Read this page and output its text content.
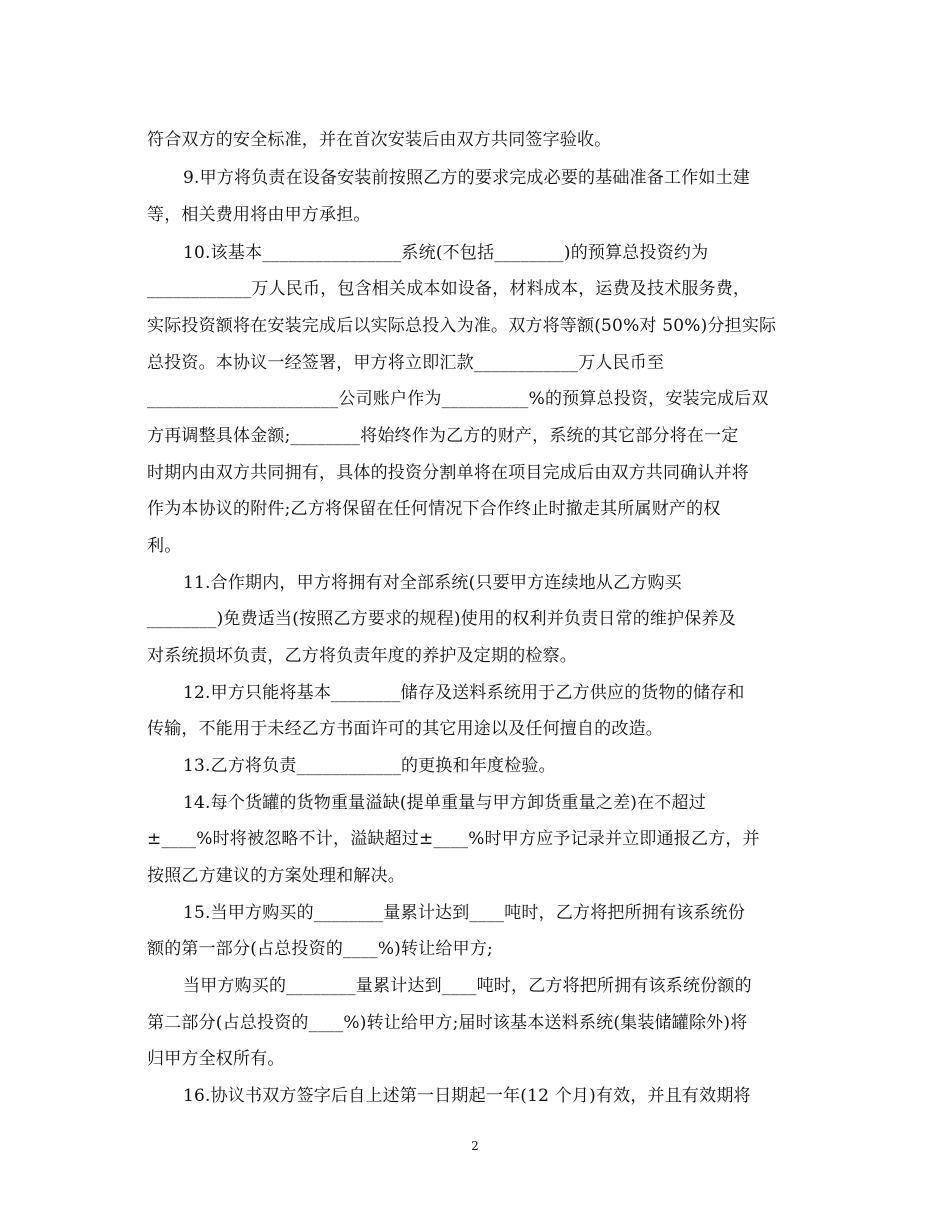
符合双方的安全标准，并在首次安装后由双方共同签字验收。
9.甲方将负责在设备安装前按照乙方的要求完成必要的基础准备工作如土建
等，相关费用将由甲方承担。
10.该基本________________系统(不包括________)的预算总投资约为
____________万人民币，包含相关成本如设备，材料成本，运费及技术服务费，
实际投资额将在安装完成后以实际总投入为准。双方将等额(50%对 50%)分担实际
总投资。本协议一经签署，甲方将立即汇款____________万人民币至
______________________公司账户作为__________%的预算总投资，安装完成后双
方再调整具体金额;________将始终作为乙方的财产，系统的其它部分将在一定
时期内由双方共同拥有，具体的投资分割单将在项目完成后由双方共同确认并将
作为本协议的附件;乙方将保留在任何情况下合作终止时撤走其所属财产的权
利。
11.合作期内，甲方将拥有对全部系统(只要甲方连续地从乙方购买
________)免费适当(按照乙方要求的规程)使用的权利并负责日常的维护保养及
对系统损坏负责，乙方将负责年度的养护及定期的检察。
12.甲方只能将基本________储存及送料系统用于乙方供应的货物的储存和
传输，不能用于未经乙方书面许可的其它用途以及任何擅自的改造。
13.乙方将负责____________的更换和年度检验。
14.每个货罐的货物重量溢缺(提单重量与甲方卸货重量之差)在不超过
±____%时将被忽略不计，溢缺超过±____%时甲方应予记录并立即通报乙方，并
按照乙方建议的方案处理和解决。
15.当甲方购买的________量累计达到____吨时，乙方将把所拥有该系统份
额的第一部分(占总投资的____%)转让给甲方;
当甲方购买的________量累计达到____吨时，乙方将把所拥有该系统份额的
第二部分(占总投资的____%)转让给甲方;届时该基本送料系统(集装储罐除外)将
归甲方全权所有。
16.协议书双方签字后自上述第一日期起一年(12 个月)有效，并且有效期将
2
